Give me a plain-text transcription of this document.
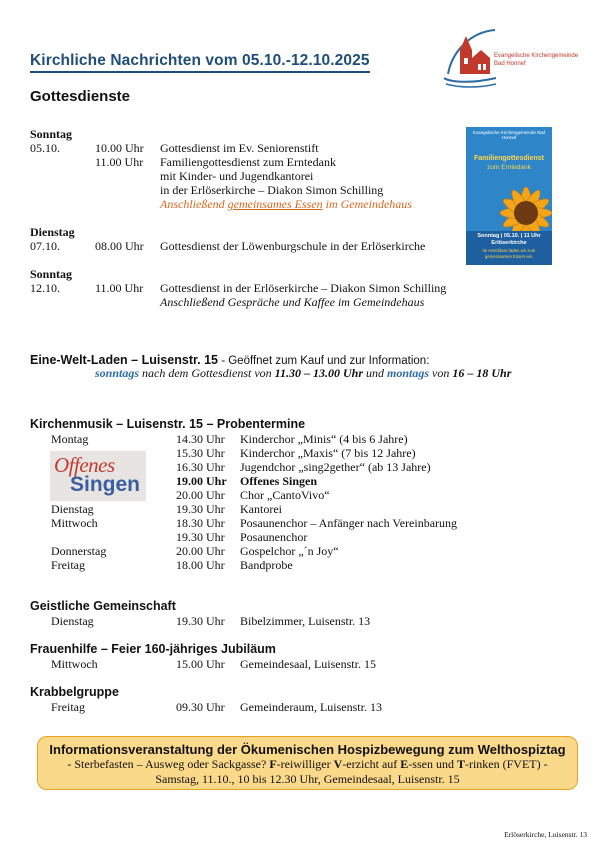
Kirchliche Nachrichten vom 05.10.-12.10.2025
Gottesdienste
Evangelische Kirchengemeinde
Bad Honnef
Sonntag
05.10.	10.00 Uhr Gottesdienst im Ev. Seniorenstift
11.00 Uhr Familiengottesdienst zum Erntedank
mit Kinder- und Jugendkantorei
in der Erlöserkirche – Diakon Simon Schilling
Anschließend gemeinsames Essen im Gemeindehaus
Dienstag
07.10.	08.00 Uhr Gottesdienst der Löwenburgschule in der Erlöserkirche
Sonntag
12.10.	11.00 Uhr Gottesdienst in der Erlöserkirche – Diakon Simon Schilling
Anschließend Gespräche und Kaffee im Gemeindehaus
Evangelische Kirchengemeinde Bad Honnef
Familiengottesdienst
zum Erntedank
Sonntag | 05.10. | 11 Uhr
Erlöserkirche
im Anschluss laden wir zum gemeinsamen Essen ein.
Eine-Welt-Laden – Luisenstr. 15 - Geöffnet zum Kauf und zur Information:
sonntags nach dem Gottesdienst von 11.30 – 13.00 Uhr und montags von 16 – 18 Uhr
Kirchenmusik – Luisenstr. 15 – Probentermine
Offenes
Singen
Montag	14.30 Uhr Kinderchor „Minis“ (4 bis 6 Jahre)
15.30 Uhr Kinderchor „Maxis“ (7 bis 12 Jahre)
16.30 Uhr Jugendchor „sing2gether“ (ab 13 Jahre)
19.00 Uhr Offenes Singen
20.00 Uhr Chor „CantoVivo“
Dienstag	19.30 Uhr Kantorei
Mittwoch	18.30 Uhr Posaunenchor – Anfänger nach Vereinbarung
19.30 Uhr Posaunenchor
Donnerstag	20.00 Uhr Gospelchor „´n Joy“
Freitag	18.00 Uhr Bandprobe
Geistliche Gemeinschaft
Dienstag	19.30 Uhr Bibelzimmer, Luisenstr. 13
Frauenhilfe – Feier 160-jähriges Jubiläum
Mittwoch	15.00 Uhr Gemeindesaal, Luisenstr. 15
Krabbelgruppe
Freitag	09.30 Uhr Gemeinderaum, Luisenstr. 13
Informationsveranstaltung der Ökumenischen Hospizbewegung zum Welthospiztag
- Sterbefasten – Ausweg oder Sackgasse? F-reiwilliger V-erzicht auf E-ssen und T-rinken (FVET) -
Samstag, 11.10., 10 bis 12.30 Uhr, Gemeindesaal, Luisenstr. 15
Erlöserkirche, Luisenstr. 13
